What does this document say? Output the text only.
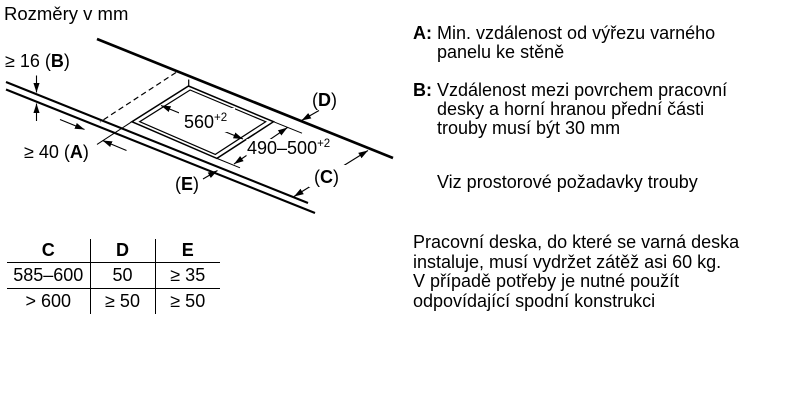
Rozměry v mm
≥ 16 (B)
≥ 40 (A)
(D)
(C)
(E)
$560^{+2}$
$490-500^{+2}$
C	D	E
585–600	50	≥ 35
> 600	≥ 50	≥ 50
A: Min. vzdálenost od výřezu varného
panelu ke stěně
B: Vzdálenost mezi povrchem pracovní
desky a horní hranou přední části
trouby musí být 30 mm
Viz prostorové požadavky trouby
Pracovní deska, do které se varná deska
instaluje, musí vydržet zátěž asi 60 kg.
V případě potřeby je nutné použít
odpovídající spodní konstrukci
